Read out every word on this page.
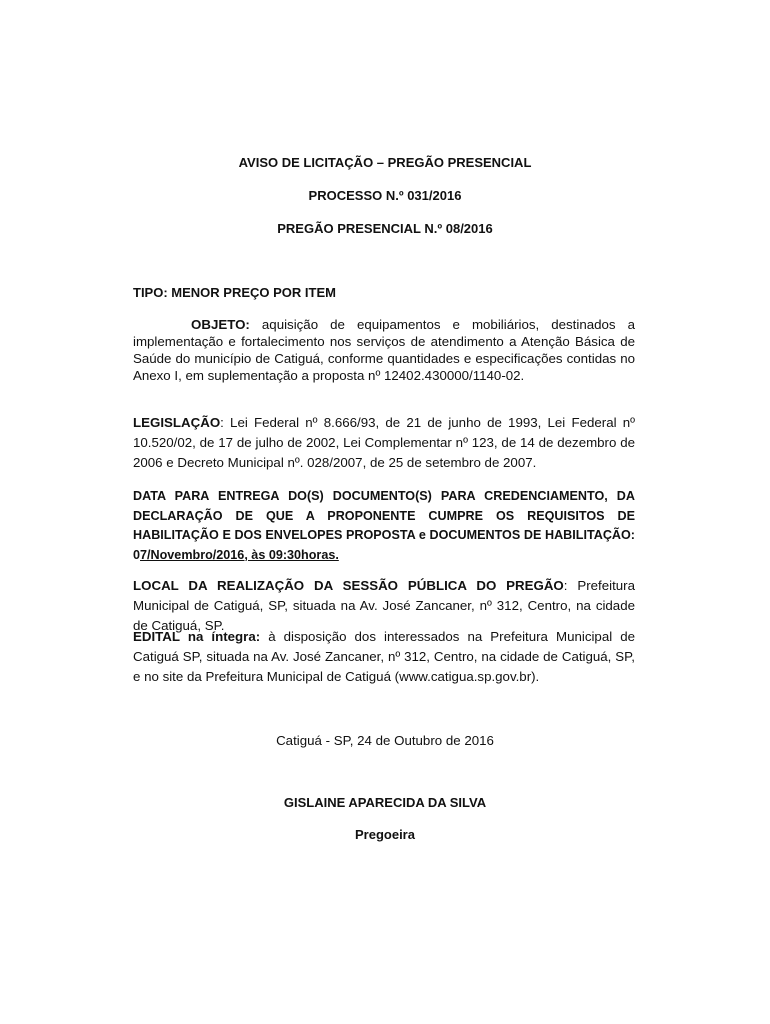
AVISO DE LICITAÇÃO – PREGÃO PRESENCIAL
PROCESSO N.º 031/2016
PREGÃO PRESENCIAL N.º 08/2016
TIPO: MENOR PREÇO POR ITEM
OBJETO: aquisição de equipamentos e mobiliários, destinados a implementação e fortalecimento nos serviços de atendimento a Atenção Básica de Saúde do município de Catiguá, conforme quantidades e especificações contidas no Anexo I, em suplementação a proposta nº 12402.430000/1140-02.
LEGISLAÇÃO: Lei Federal nº 8.666/93, de 21 de junho de 1993, Lei Federal nº 10.520/02, de 17 de julho de 2002, Lei Complementar nº 123, de 14 de dezembro de 2006 e Decreto Municipal nº. 028/2007, de 25 de setembro de 2007.
DATA PARA ENTREGA DO(S) DOCUMENTO(S) PARA CREDENCIAMENTO, DA DECLARAÇÃO DE QUE A PROPONENTE CUMPRE OS REQUISITOS DE HABILITAÇÃO E DOS ENVELOPES PROPOSTA e DOCUMENTOS DE HABILITAÇÃO: 07/Novembro/2016, às 09:30horas.
LOCAL DA REALIZAÇÃO DA SESSÃO PÚBLICA DO PREGÃO: Prefeitura Municipal de Catiguá, SP, situada na Av. José Zancaner, nº 312, Centro, na cidade de Catiguá, SP.
EDITAL na íntegra: à disposição dos interessados na Prefeitura Municipal de Catiguá SP, situada na Av. José Zancaner, nº 312, Centro, na cidade de Catiguá, SP, e no site da Prefeitura Municipal de Catiguá (www.catigua.sp.gov.br).
Catiguá - SP, 24 de Outubro de 2016
GISLAINE APARECIDA DA SILVA
Pregoeira
